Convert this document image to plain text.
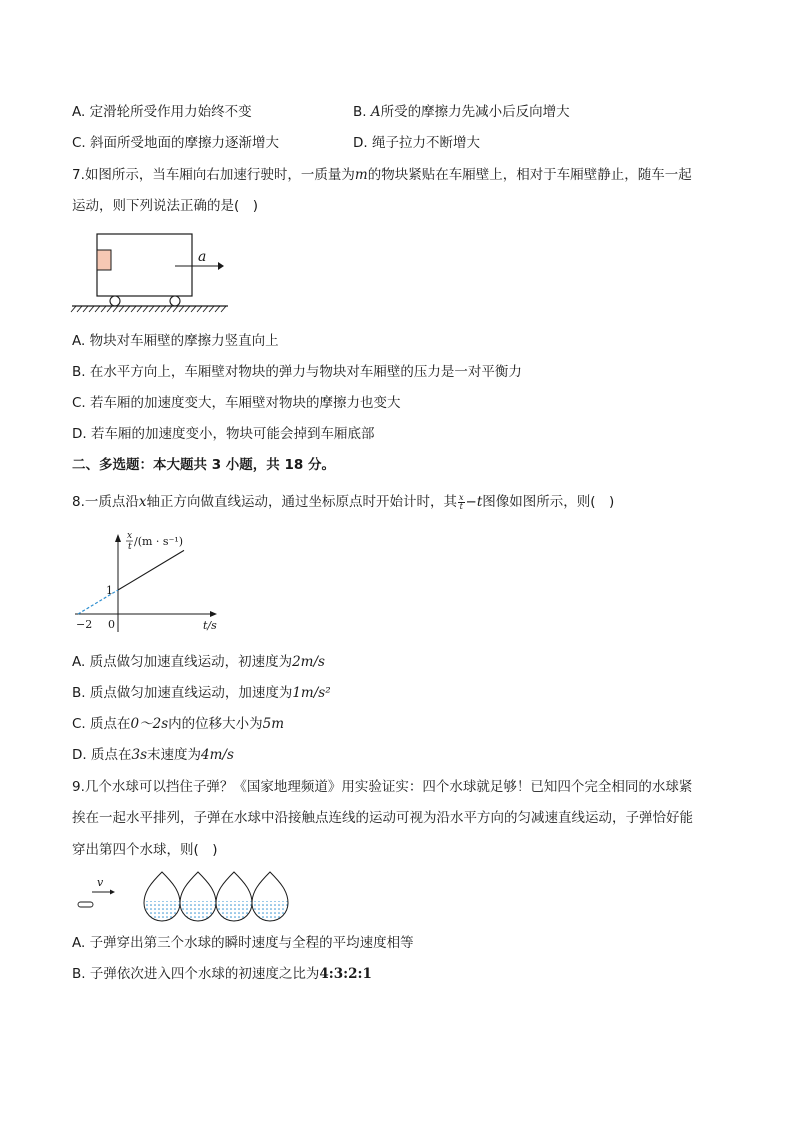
A. 定滑轮所受作用力始终不变	B. A所受的摩擦力先减小后反向增大
C. 斜面所受地面的摩擦力逐渐增大	D. 绳子拉力不断增大
7.如图所示，当车厢向右加速行驶时，一质量为m的物块紧贴在车厢壁上，相对于车厢壁静止，随车一起
运动，则下列说法正确的是(　)
a
A. 物块对车厢壁的摩擦力竖直向上
B. 在水平方向上，车厢壁对物块的弹力与物块对车厢壁的压力是一对平衡力
C. 若车厢的加速度变大，车厢壁对物块的摩擦力也变大
D. 若车厢的加速度变小，物块可能会掉到车厢底部
二、多选题：本大题共 3 小题，共 18 分。
8.一质点沿x轴正方向做直线运动，通过坐标原点时开始计时，其 $\frac{x}{t} -t$图像如图所示，则(　)
x
t /(m · s⁻¹)
1
0
−2	t/s
A. 质点做匀加速直线运动，初速度为2m/s
B. 质点做匀加速直线运动，加速度为1m/s²
C. 质点在0～2s内的位移大小为5m
D. 质点在3s末速度为4m/s
9.几个水球可以挡住子弹？《国家地理频道》用实验证实：四个水球就足够！已知四个完全相同的水球紧
挨在一起水平排列，子弹在水球中沿接触点连线的运动可视为沿水平方向的匀减速直线运动，子弹恰好能
穿出第四个水球，则(　)
v
A. 子弹穿出第三个水球的瞬时速度与全程的平均速度相等
B. 子弹依次进入四个水球的初速度之比为4:3:2:1
